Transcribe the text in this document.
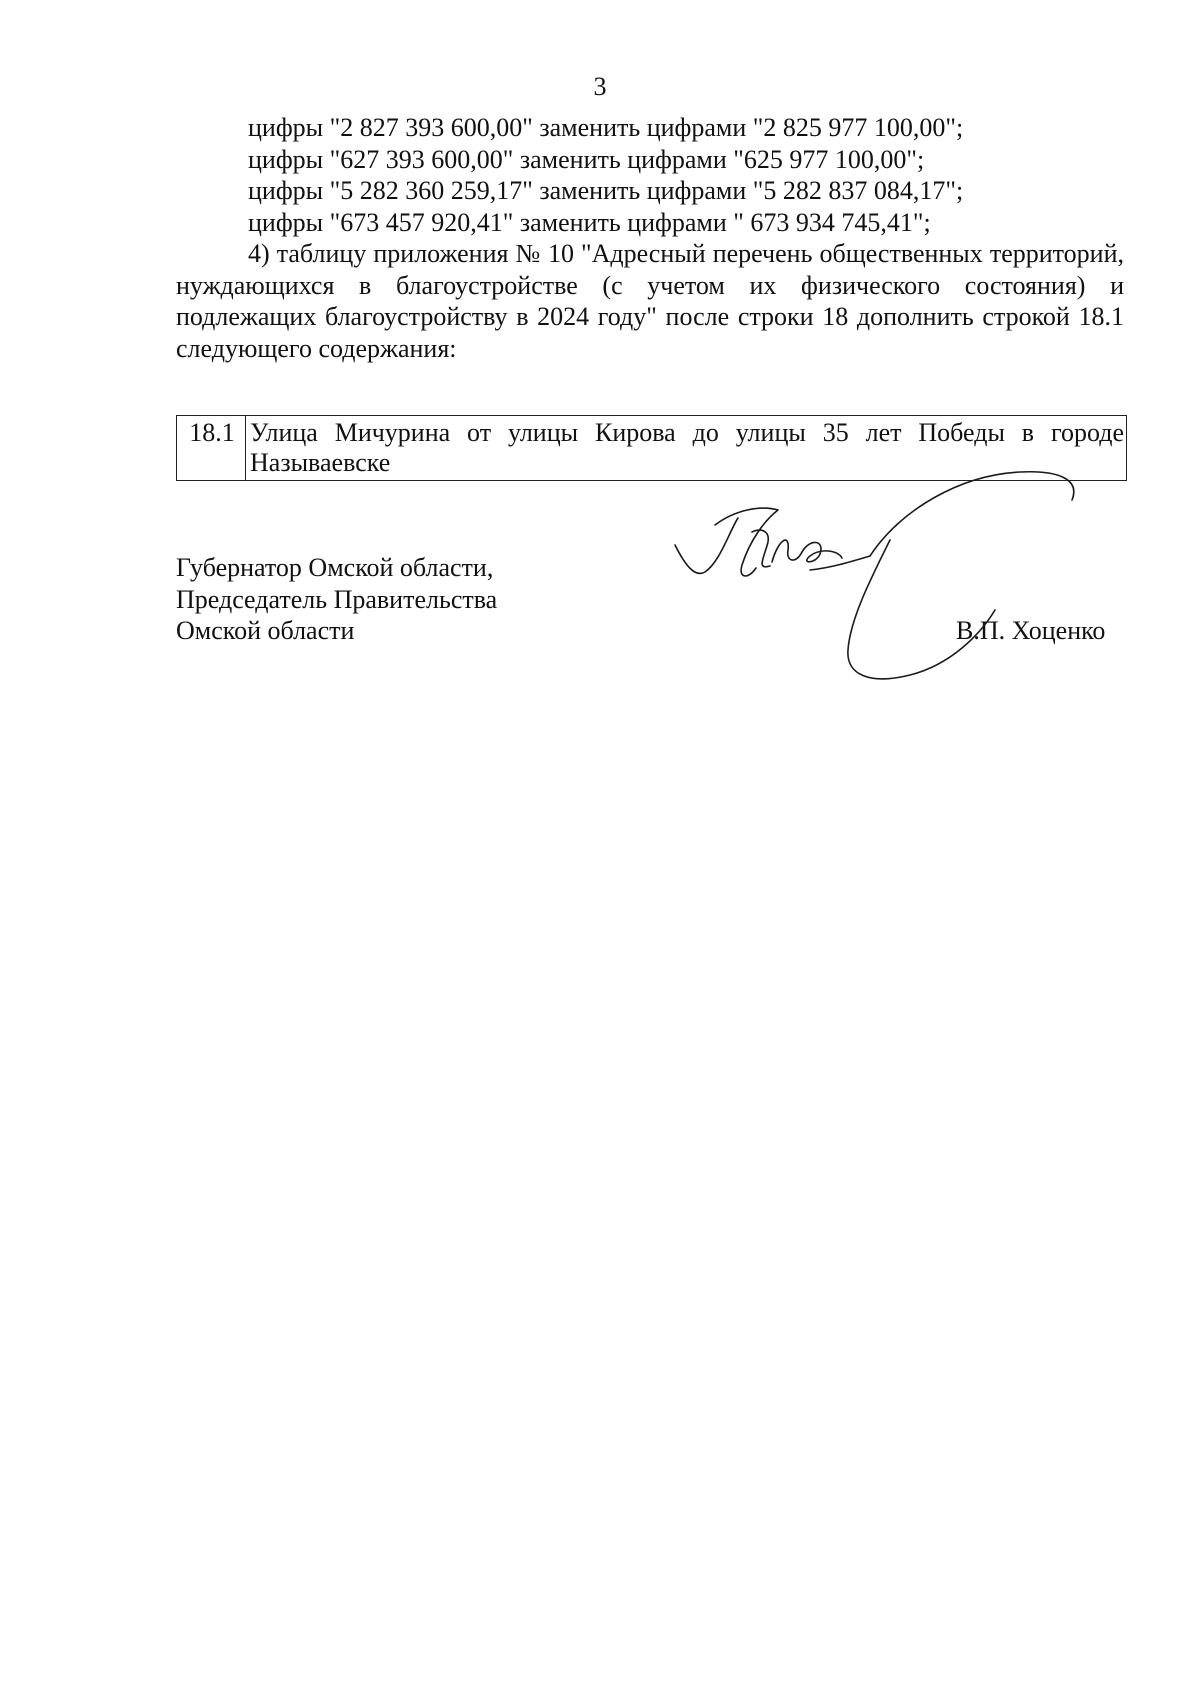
3

цифры "2 827 393 600,00" заменить цифрами "2 825 977 100,00";

цифры "627 393 600,00" заменить цифрами "625 977 100,00";

цифры "5 282 360 259,17" заменить цифрами "5 282 837 084,17";

цифры "673 457 920,41" заменить цифрами " 673 934 745,41";

4) таблицу приложения № 10 "Адресный перечень общественных территорий, нуждающихся в благоустройстве (с учетом их физического состояния) и подлежащих благоустройству в 2024 году" после строки 18 дополнить строкой 18.1 следующего содержания:

18.1	Улица Мичурина от улицы Кирова до улицы 35 лет Победы в городе Называевске

Губернатор Омской области,

Председатель Правительства

Омской области	В.П. Хоценко
